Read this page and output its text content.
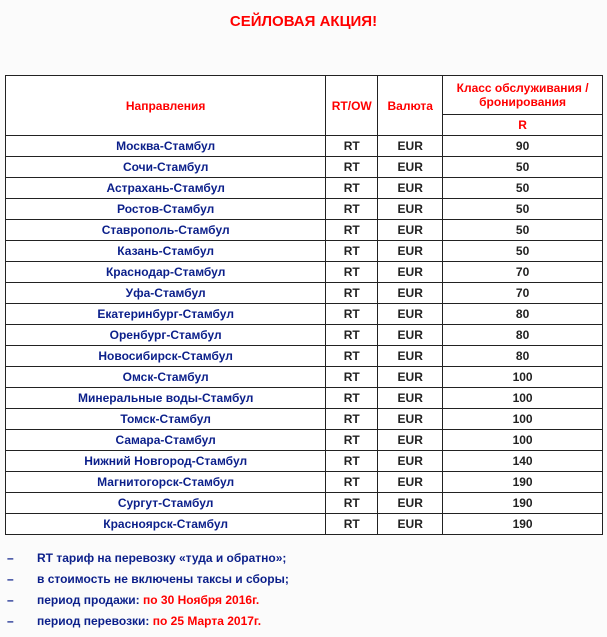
СЕЙЛОВАЯ АКЦИЯ!
Направления	RT/OW	Валюта	Класс обслуживания / бронирования
			R
Москва-Стамбул	RT	EUR	90
Сочи-Стамбул	RT	EUR	50
Астрахань-Стамбул	RT	EUR	50
Ростов-Стамбул	RT	EUR	50
Ставрополь-Стамбул	RT	EUR	50
Казань-Стамбул	RT	EUR	50
Краснодар-Стамбул	RT	EUR	70
Уфа-Стамбул	RT	EUR	70
Екатеринбург-Стамбул	RT	EUR	80
Оренбург-Стамбул	RT	EUR	80
Новосибирск-Стамбул	RT	EUR	80
Омск-Стамбул	RT	EUR	100
Минеральные воды-Стамбул	RT	EUR	100
Томск-Стамбул	RT	EUR	100
Самара-Стамбул	RT	EUR	100
Нижний Новгород-Стамбул	RT	EUR	140
Магнитогорск-Стамбул	RT	EUR	190
Сургут-Стамбул	RT	EUR	190
Красноярск-Стамбул	RT	EUR	190
– RT тариф на перевозку «туда и обратно»;
– в стоимость не включены таксы и сборы;
– период продажи: по 30 Ноября 2016г.
– период перевозки: по 25 Марта 2017г.
